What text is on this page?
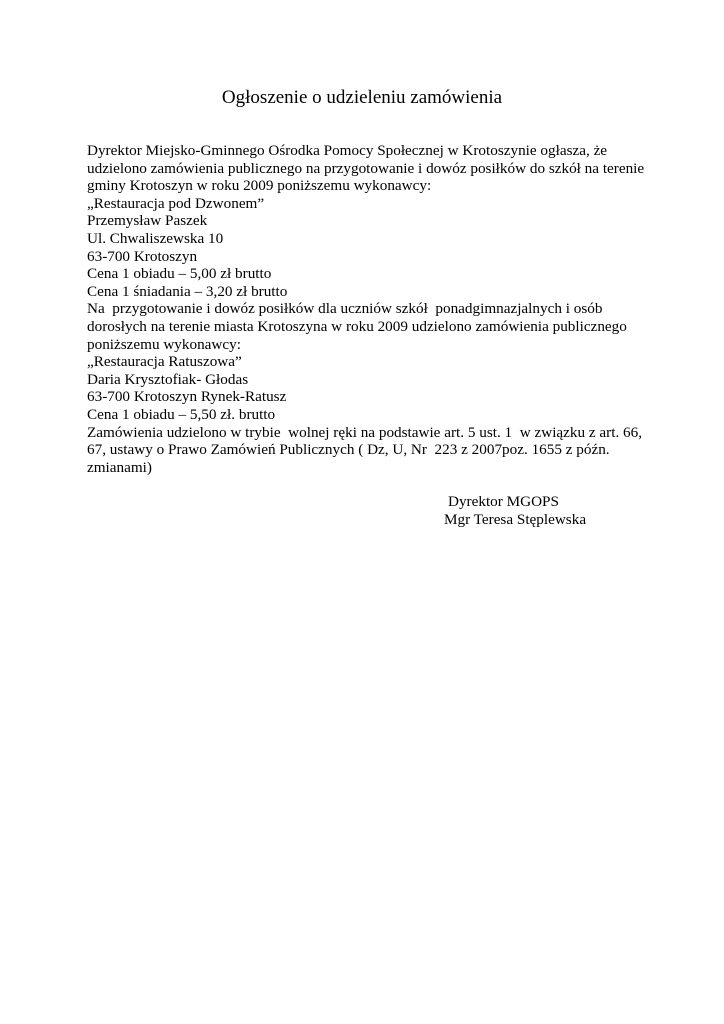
Ogłoszenie o udzieleniu zamówienia
Dyrektor Miejsko-Gminnego Ośrodka Pomocy Społecznej w Krotoszynie ogłasza, że
udzielono zamówienia publicznego na przygotowanie i dowóz posiłków do szkół na terenie
gminy Krotoszyn w roku 2009 poniższemu wykonawcy:
„Restauracja pod Dzwonem”
Przemysław Paszek
Ul. Chwaliszewska 10
63-700 Krotoszyn
Cena 1 obiadu – 5,00 zł brutto
Cena 1 śniadania – 3,20 zł brutto
Na  przygotowanie i dowóz posiłków dla uczniów szkół  ponadgimnazjalnych i osób
dorosłych na terenie miasta Krotoszyna w roku 2009 udzielono zamówienia publicznego
poniższemu wykonawcy:
„Restauracja Ratuszowa”
Daria Krysztofiak- Głodas
63-700 Krotoszyn Rynek-Ratusz
Cena 1 obiadu – 5,50 zł. brutto
Zamówienia udzielono w trybie  wolnej ręki na podstawie art. 5 ust. 1  w związku z art. 66,
67, ustawy o Prawo Zamówień Publicznych ( Dz, U, Nr  223 z 2007poz. 1655 z późn.
zmianami)
Dyrektor MGOPS
Mgr Teresa Stęplewska
